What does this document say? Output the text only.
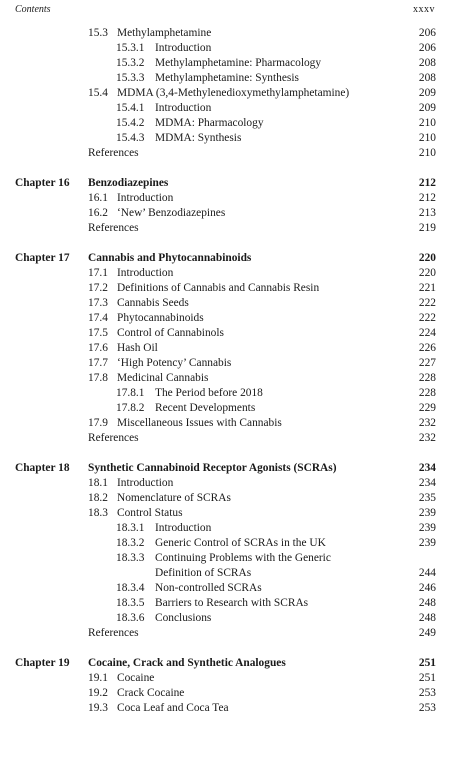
Contents	xxxv
15.3 Methylamphetamine	206
15.3.1 Introduction	206
15.3.2 Methylamphetamine: Pharmacology	208
15.3.3 Methylamphetamine: Synthesis	208
15.4 MDMA (3,4-Methylenedioxymethylamphetamine)	209
15.4.1 Introduction	209
15.4.2 MDMA: Pharmacology	210
15.4.3 MDMA: Synthesis	210
References	210
Chapter 16 Benzodiazepines	212
16.1 Introduction	212
16.2 ‘New’ Benzodiazepines	213
References	219
Chapter 17 Cannabis and Phytocannabinoids	220
17.1 Introduction	220
17.2 Definitions of Cannabis and Cannabis Resin	221
17.3 Cannabis Seeds	222
17.4 Phytocannabinoids	222
17.5 Control of Cannabinols	224
17.6 Hash Oil	226
17.7 ‘High Potency’ Cannabis	227
17.8 Medicinal Cannabis	228
17.8.1 The Period before 2018	228
17.8.2 Recent Developments	229
17.9 Miscellaneous Issues with Cannabis	232
References	232
Chapter 18 Synthetic Cannabinoid Receptor Agonists (SCRAs)	234
18.1 Introduction	234
18.2 Nomenclature of SCRAs	235
18.3 Control Status	239
18.3.1 Introduction	239
18.3.2 Generic Control of SCRAs in the UK	239
18.3.3 Continuing Problems with the Generic
Definition of SCRAs	244
18.3.4 Non-controlled SCRAs	246
18.3.5 Barriers to Research with SCRAs	248
18.3.6 Conclusions	248
References	249
Chapter 19 Cocaine, Crack and Synthetic Analogues	251
19.1 Cocaine	251
19.2 Crack Cocaine	253
19.3 Coca Leaf and Coca Tea	253
